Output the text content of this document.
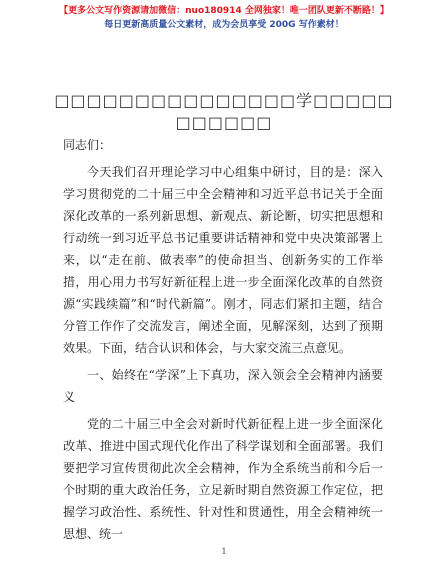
【更多公文写作资源请加微信：nuo180914 全网独家！唯一团队更新不断路！】
每日更新高质量公文素材，成为会员享受 200G 写作素材！
□□□□□□□□□□□□□□□学□□□□□□□□□□□

同志们：

今天我们召开理论学习中心组集中研讨，目的是：深入学习贯彻党的二十届三中全会精神和习近平总书记关于全面深化改革的一系列新思想、新观点、新论断，切实把思想和行动统一到习近平总书记重要讲话精神和党中央决策部署上来，以“走在前、做表率”的使命担当、创新务实的工作举措，用心用力书写好新征程上进一步全面深化改革的自然资源“实践续篇”和“时代新篇”。刚才，同志们紧扣主题，结合分管工作作了交流发言，阐述全面，见解深刻，达到了预期效果。下面，结合认识和体会，与大家交流三点意见。

一、始终在“学深”上下真功，深入领会全会精神内涵要义

党的二十届三中全会对新时代新征程上进一步全面深化改革、推进中国式现代化作出了科学谋划和全面部署。我们要把学习宣传贯彻此次全会精神，作为全系统当前和今后一个时期的重大政治任务，立足新时期自然资源工作定位，把握学习政治性、系统性、针对性和贯通性，用全会精神统一思想、统一

1
